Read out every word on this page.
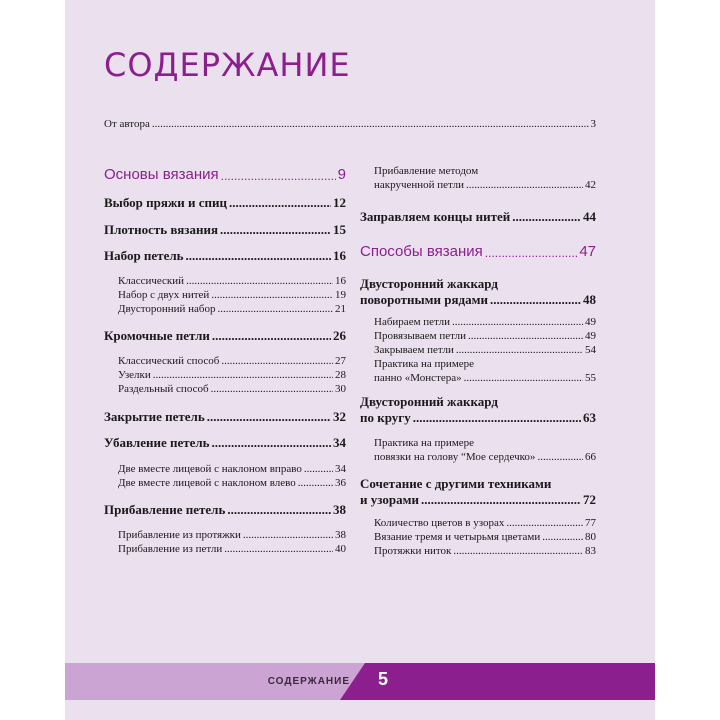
СОДЕРЖАНИЕ
От автора .....	3
Основы вязания .....	9
Выбор пряжи и спиц .....	12
Плотность вязания .....	15
Набор петель .....	16
Классический .....	16
Набор с двух нитей .....	19
Двусторонний набор .....	21
Кромочные петли .....	26
Классический способ .....	27
Узелки .....	28
Раздельный способ .....	30
Закрытие петель .....	32
Убавление петель .....	34
Две вместе лицевой с наклоном вправо .....	34
Две вместе лицевой с наклоном влево .....	36
Прибавление петель .....	38
Прибавление из протяжки .....	38
Прибавление из петли .....	40
Прибавление методом
накрученной петли .....	42
Заправляем концы нитей .....	44
Способы вязания .....	47
Двусторонний жаккард
поворотными рядами .....	48
Набираем петли .....	49
Провязываем петли .....	49
Закрываем петли .....	54
Практика на примере
панно «Монстера» .....	55
Двусторонний жаккард
по кругу .....	63
Практика на примере
повязки на голову “Мое сердечко» .....	66
Сочетание с другими техниками
и узорами .....	72
Количество цветов в узорах .....	77
Вязание тремя и четырьмя цветами .....	80
Протяжки ниток .....	83
СОДЕРЖАНИЕ 5
